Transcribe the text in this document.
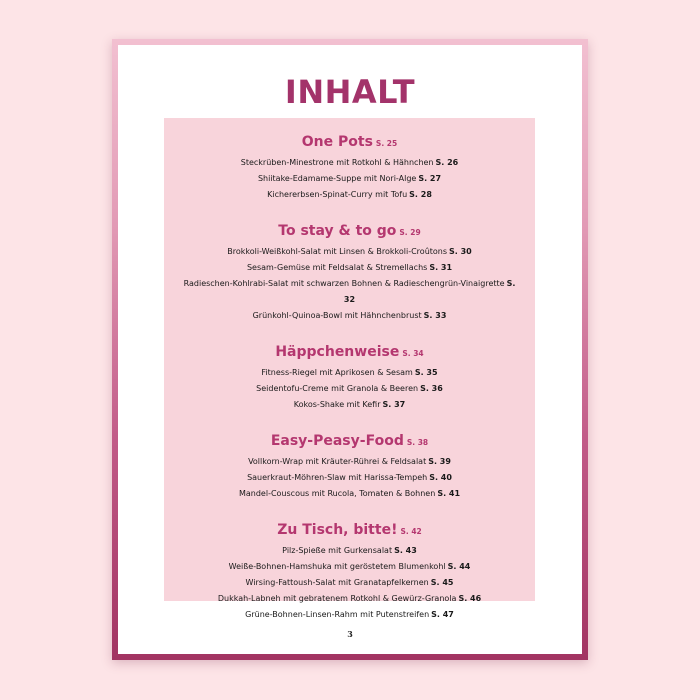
INHALT
One Pots S. 25
Steckrüben-Minestrone mit Rotkohl & Hähnchen S. 26
Shiitake-Edamame-Suppe mit Nori-Alge S. 27
Kichererbsen-Spinat-Curry mit Tofu S. 28
To stay & to go S. 29
Brokkoli-Weißkohl-Salat mit Linsen & Brokkoli-Croûtons S. 30
Sesam-Gemüse mit Feldsalat & Stremellachs S. 31
Radieschen-Kohlrabi-Salat mit schwarzen Bohnen & Radieschengrün-Vinaigrette S. 32
Grünkohl-Quinoa-Bowl mit Hähnchenbrust S. 33
Häppchenweise S. 34
Fitness-Riegel mit Aprikosen & Sesam S. 35
Seidentofu-Creme mit Granola & Beeren S. 36
Kokos-Shake mit Kefir S. 37
Easy-Peasy-Food S. 38
Vollkorn-Wrap mit Kräuter-Rührei & Feldsalat S. 39
Sauerkraut-Möhren-Slaw mit Harissa-Tempeh S. 40
Mandel-Couscous mit Rucola, Tomaten & Bohnen S. 41
Zu Tisch, bitte! S. 42
Pilz-Spieße mit Gurkensalat S. 43
Weiße-Bohnen-Hamshuka mit geröstetem Blumenkohl S. 44
Wirsing-Fattoush-Salat mit Granatapfelkernen S. 45
Dukkah-Labneh mit gebratenem Rotkohl & Gewürz-Granola S. 46
Grüne-Bohnen-Linsen-Rahm mit Putenstreifen S. 47
3
